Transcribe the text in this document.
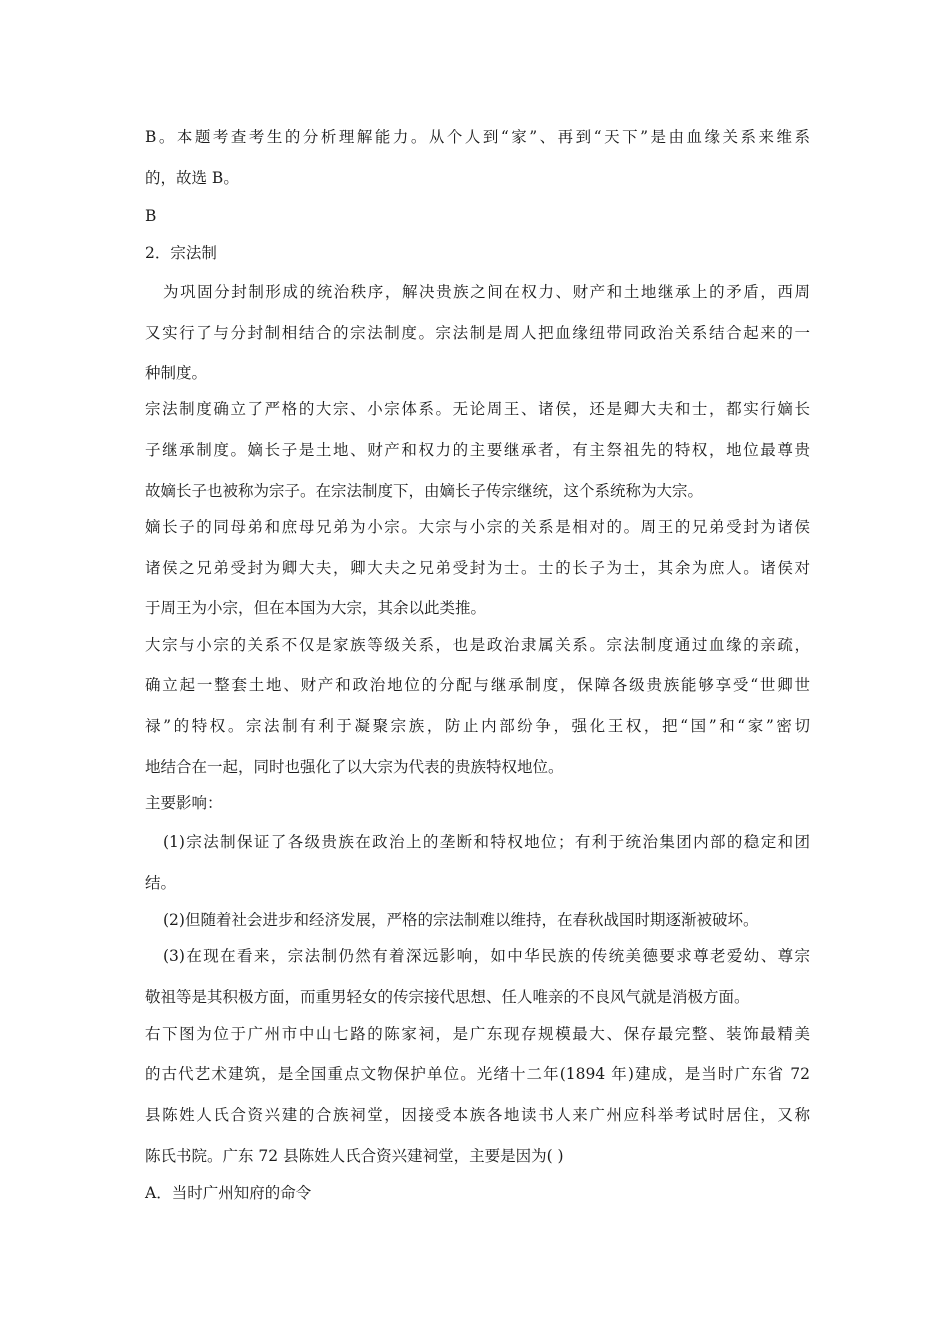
B。本题考查考生的分析理解能力。从个人到“家”、再到“天下”是由血缘关系来维系
的，故选 B。
B
2．宗法制
为巩固分封制形成的统治秩序，解决贵族之间在权力、财产和土地继承上的矛盾，西周
又实行了与分封制相结合的宗法制度。宗法制是周人把血缘纽带同政治关系结合起来的一
种制度。
宗法制度确立了严格的大宗、小宗体系。无论周王、诸侯，还是卿大夫和士，都实行嫡长
子继承制度。嫡长子是土地、财产和权力的主要继承者，有主祭祖先的特权，地位最尊贵
故嫡长子也被称为宗子。在宗法制度下，由嫡长子传宗继统，这个系统称为大宗。
嫡长子的同母弟和庶母兄弟为小宗。大宗与小宗的关系是相对的。周王的兄弟受封为诸侯
诸侯之兄弟受封为卿大夫，卿大夫之兄弟受封为士。士的长子为士，其余为庶人。诸侯对
于周王为小宗，但在本国为大宗，其余以此类推。
大宗与小宗的关系不仅是家族等级关系，也是政治隶属关系。宗法制度通过血缘的亲疏，
确立起一整套土地、财产和政治地位的分配与继承制度，保障各级贵族能够享受“世卿世
禄”的特权。宗法制有利于凝聚宗族，防止内部纷争，强化王权，把“国”和“家”密切
地结合在一起，同时也强化了以大宗为代表的贵族特权地位。
主要影响：
(1)宗法制保证了各级贵族在政治上的垄断和特权地位；有利于统治集团内部的稳定和团
结。
(2)但随着社会进步和经济发展，严格的宗法制难以维持，在春秋战国时期逐渐被破坏。
(3)在现在看来，宗法制仍然有着深远影响，如中华民族的传统美德要求尊老爱幼、尊宗
敬祖等是其积极方面，而重男轻女的传宗接代思想、任人唯亲的不良风气就是消极方面。
右下图为位于广州市中山七路的陈家祠，是广东现存规模最大、保存最完整、装饰最精美
的古代艺术建筑，是全国重点文物保护单位。光绪十二年(1894 年)建成，是当时广东省 72
县陈姓人氏合资兴建的合族祠堂，因接受本族各地读书人来广州应科举考试时居住，又称
陈氏书院。广东 72 县陈姓人氏合资兴建祠堂，主要是因为( )
A．当时广州知府的命令
